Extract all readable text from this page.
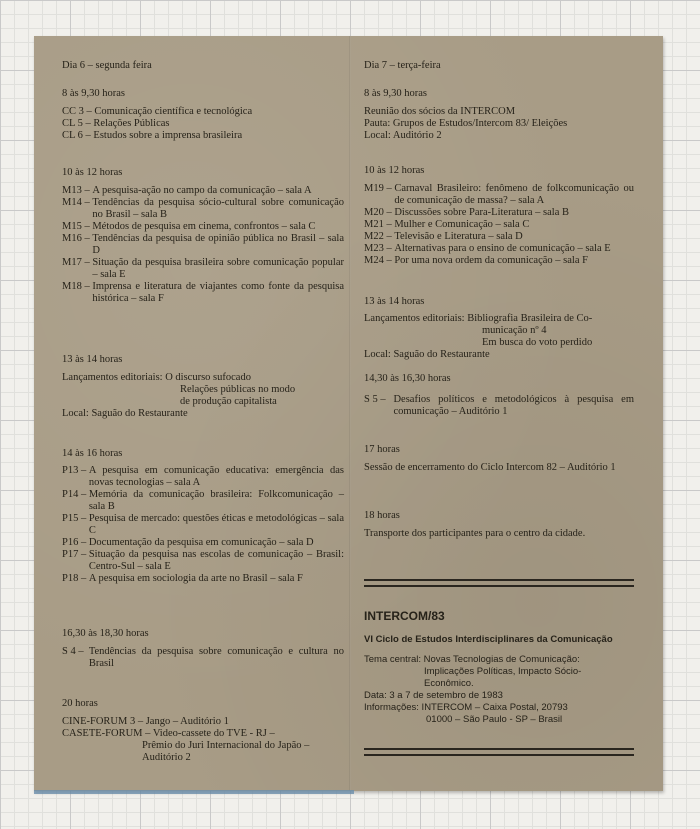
Dia 6 – segunda feira
8 às 9,30 horas
CC 3 –
Comunicação científica e tecnológica
CL 5 –
Relações Públicas
CL 6 –
Estudos sobre a imprensa brasileira
10 às 12 horas
M13 –
A pesquisa-ação no campo da comunicação – sala A
M14 –
Tendências da pesquisa sócio-cultural sobre comunicação no Brasil – sala B
M15 –
Métodos de pesquisa em cinema, confrontos – sala C
M16 –
Tendências da pesquisa de opinião pública no Brasil – sala D
M17 –
Situação da pesquisa brasileira sobre comunicação popular – sala E
M18 –
Imprensa e literatura de viajantes como fonte da pesquisa histórica – sala F
13 às 14 horas
Lançamentos editoriais: O discurso sufocado
Relações públicas no modo
de produção capitalista
Local: Saguão do Restaurante
14 às 16 horas
P13 –
A pesquisa em comunicação educativa: emergência das novas tecnologias – sala A
P14 –
Memória da comunicação brasileira: Folkcomunicação – sala B
P15 –
Pesquisa de mercado: questões éticas e metodológicas – sala C
P16 –
Documentação da pesquisa em comunicação – sala D
P17 –
Situação da pesquisa nas escolas de comunicação – Brasil: Centro-Sul – sala E
P18 –
A pesquisa em sociologia da arte no Brasil – sala F
16,30 às 18,30 horas
S 4 –
Tendências da pesquisa sobre comunicação e cultura no Brasil
20 horas
CINE-FORUM 3 – Jango – Auditório 1
CASETE-FORUM – Video-cassete do TVE - RJ –
Prêmio do Juri Internacional do Japão –
Auditório 2
Dia 7 – terça-feira
8 às 9,30 horas
Reunião dos sócios da INTERCOM
Pauta: Grupos de Estudos/Intercom 83/ Eleições
Local: Auditório 2
10 às 12 horas
M19 –
Carnaval Brasileiro: fenômeno de folkcomunicação ou de comunicação de massa? – sala A
M20 –
Discussões sobre Para-Literatura – sala B
M21 –
Mulher e Comunicação – sala C
M22 –
Televisão e Literatura – sala D
M23 –
Alternativas para o ensino de comunicação – sala E
M24 –
Por uma nova ordem da comunicação – sala F
13 às 14 horas
Lançamentos editoriais: Bibliografia Brasileira de Co-
municação nº 4
Em busca do voto perdido
Local: Saguão do Restaurante
14,30 às 16,30 horas
S 5 –
Desafios políticos e metodológicos à pesquisa em comunicação – Auditório 1
17 horas
Sessão de encerramento do Ciclo Intercom 82 – Auditório 1
18 horas
Transporte dos participantes para o centro da cidade.
INTERCOM/83
VI Ciclo de Estudos Interdisciplinares da Comunicação
Tema central: Novas Tecnologias de Comunicação:
Implicações Políticas, Impacto Sócio-
Econômico.
Data: 3 a 7 de setembro de 1983
Informações: INTERCOM – Caixa Postal, 20793
01000 – São Paulo - SP – Brasil
